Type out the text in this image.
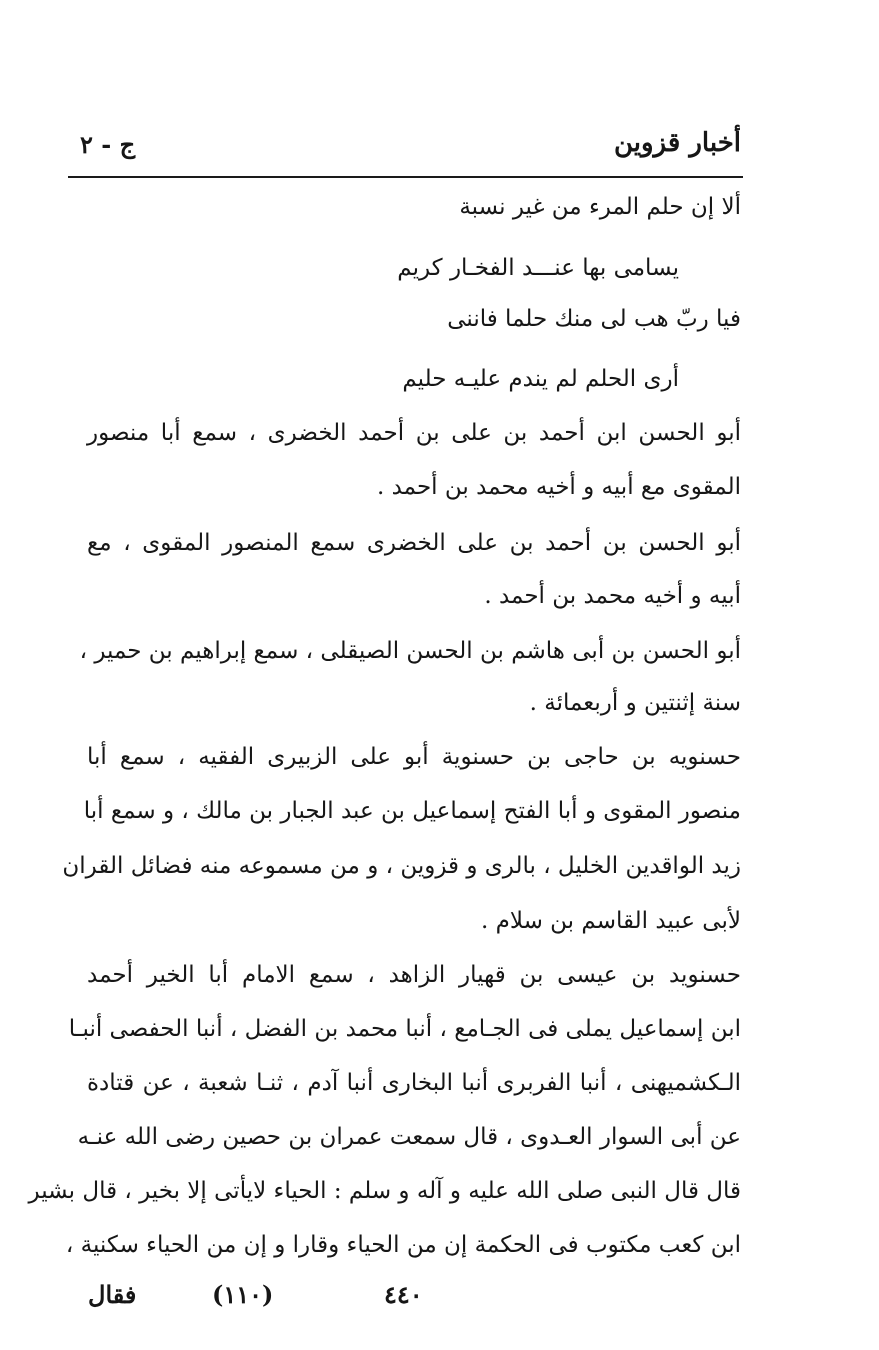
أخبار قزوين
ج - ٢
ألا إن حلم المرء من غير نسبة
يسامى بها عنـــد الفخـار كريم
فيا ربّ هب لى منك حلما فاننى
أرى الحلم لم يندم عليـه حليم
أبو الحسن ابن أحمد بن على بن أحمد الخضرى ، سمع أبا منصور
المقوى مع أبيه و أخيه محمد بن أحمد .
أبو الحسن بن أحمد بن على الخضرى سمع المنصور المقوى ، مع
أبيه و أخيه محمد بن أحمد .
أبو الحسن بن أبى هاشم بن الحسن الصيقلى ، سمع إبراهيم بن حمير ،
سنة إثنتين و أربعمائة .
حسنويه بن حاجى بن حسنوية أبو على الزبيرى الفقيه ، سمع أبا
منصور المقوى و أبا الفتح إسماعيل بن عبد الجبار بن مالك ، و سمع أبا
زيد الواقدين الخليل ، بالرى و قزوين ، و من مسموعه منه فضائل القران
لأبى عبيد القاسم بن سلام .
حسنويد بن عيسى بن قهيار الزاهد ، سمع الامام أبا الخير أحمد
ابن إسماعيل يملى فى الجـامع ، أنبا محمد بن الفضل ، أنبا الحفصى أنبـا
الـكشميهنى ، أنبا الفربرى أنبا البخارى أنبا آدم ، ثنـا شعبة ، عن قتادة
عن أبى السوار العـدوى ، قال سمعت عمران بن حصين رضى الله عنـه
قال قال النبى صلى الله عليه و آله و سلم : الحياء لايأتى إلا بخير ، قال بشير
ابن كعب مكتوب فى الحكمة إن من الحياء وقارا و إن من الحياء سكنية ،
فقال	(١١٠)	٤٤٠
